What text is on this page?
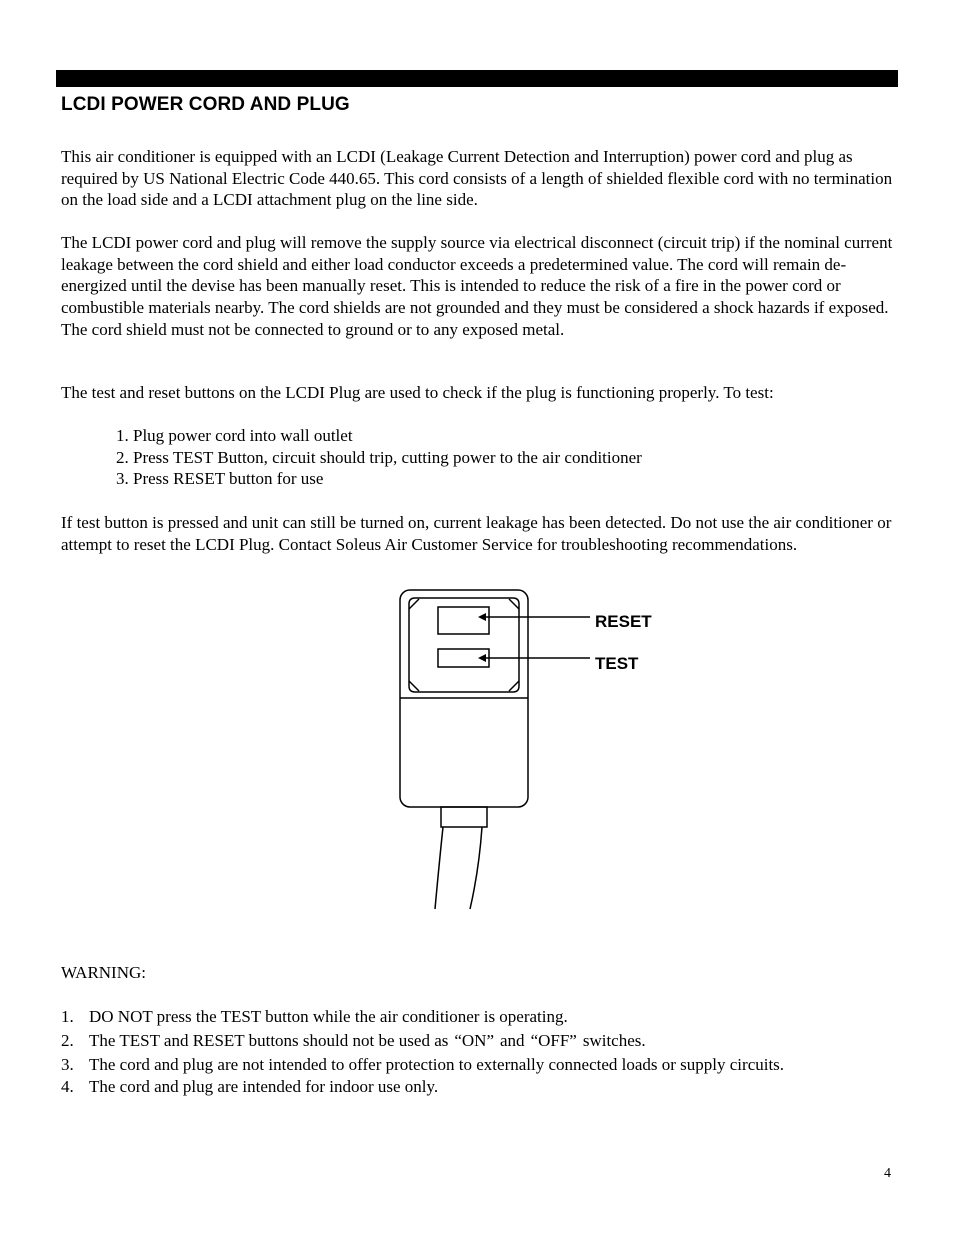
LCDI POWER CORD AND PLUG
This air conditioner is equipped with an LCDI (Leakage Current Detection and Interruption) power cord and plug as required by US National Electric Code 440.65. This cord consists of a length of shielded flexible cord with no termination on the load side and a LCDI attachment plug on the line side.
The LCDI power cord and plug will remove the supply source via electrical disconnect (circuit trip) if the nominal current leakage between the cord shield and either load conductor exceeds a predetermined value. The cord will remain de-energized until the devise has been manually reset. This is intended to reduce the risk of a fire in the power cord or combustible materials nearby. The cord shields are not grounded and they must be considered a shock hazards if exposed. The cord shield must not be connected to ground or to any exposed metal.
The test and reset buttons on the LCDI Plug are used to check if the plug is functioning properly. To test:
1. Plug power cord into wall outlet
2. Press TEST Button, circuit should trip, cutting power to the air conditioner
3. Press RESET button for use
If test button is pressed and unit can still be turned on, current leakage has been detected. Do not use the air conditioner or attempt to reset the LCDI Plug. Contact Soleus Air Customer Service for troubleshooting recommendations.
RESET
TEST
WARNING:
1. DO NOT press the TEST button while the air conditioner is operating.
2. The TEST and RESET buttons should not be used as “ON” and “OFF” switches.
3. The cord and plug are not intended to offer protection to externally connected loads or supply circuits.
4. The cord and plug are intended for indoor use only.
4
